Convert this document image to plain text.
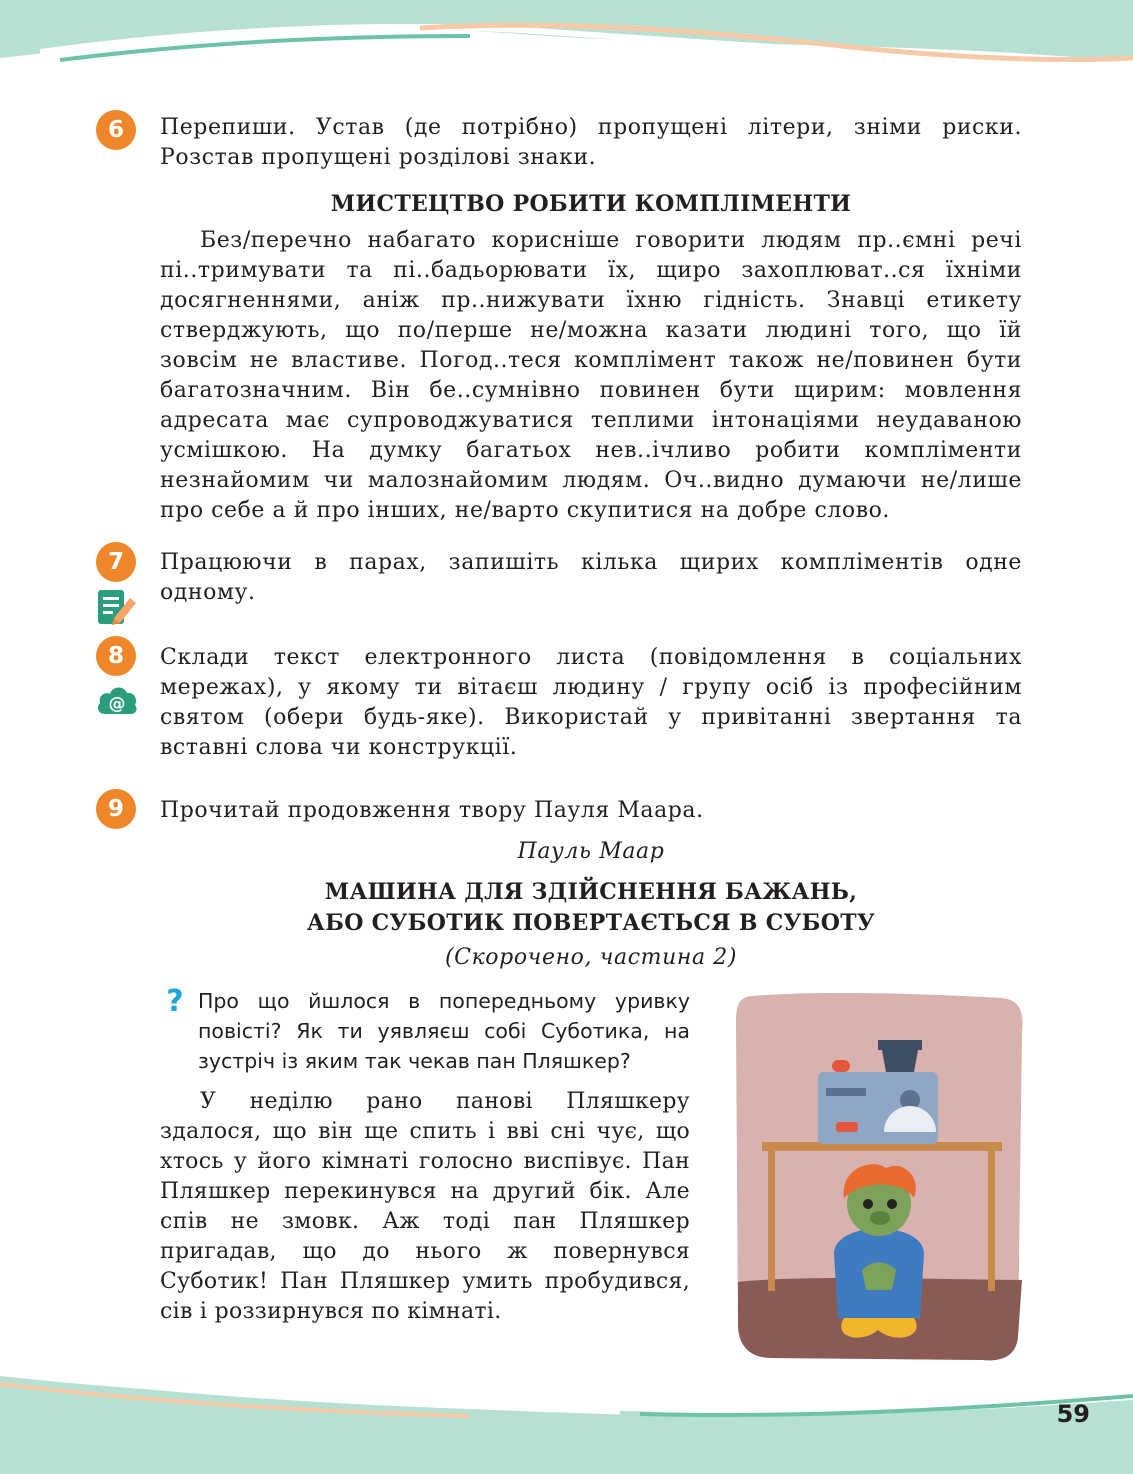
6	Перепиши. Устав (де потрібно) пропущені літери, зніми риски. Розстав пропущені розділові знаки.

МИСТЕЦТВО РОБИТИ КОМПЛІМЕНТИ

Без/перечно набагато корисніше говорити людям пр..ємні речі пі..тримувати та пі..бадьорювати їх, щиро захоплюват..ся їхніми досягненнями, аніж пр..нижувати їхню гідність. Знавці етикету стверджують, що по/перше не/можна казати людині того, що їй зовсім не властиве. Погод..теся комплімент також не/повинен бути багатозначним. Він бе..сумнівно повинен бути щирим: мовлення адресата має супроводжуватися теплими інтонаціями неудаваною усмішкою. На думку багатьох нев..ічливо робити компліменти незнайомим чи малознайомим людям. Оч..видно думаючи не/лише про себе а й про інших, не/варто скупитися на добре слово.

7	Працюючи в парах, запишіть кілька щирих компліментів одне одному.

8
@

Склади текст електронного листа (повідомлення в соціальних мережах), у якому ти вітаєш людину / групу осіб із професійним святом (обери будь-яке). Використай у привітанні звертання та вставні слова чи конструкції.

9	Прочитай продовження твору Пауля Маара.

Пауль Маар

МАШИНА ДЛЯ ЗДІЙСНЕННЯ БАЖАНЬ,

АБО СУБОТИК ПОВЕРТАЄТЬСЯ В СУБОТУ

(Скорочено, частина 2)

? Про що йшлося в попередньому уривку повісті? Як ти уявляєш собі Суботика, на зустріч із яким так чекав пан Пляшкер?

У неділю рано панові Пляшкеру здалося, що він ще спить і вві сні чує, що хтось у його кімнаті голосно виспівує. Пан Пляшкер перекинувся на другий бік. Але спів не змовк. Аж тоді пан Пляшкер пригадав, що до нього ж повернувся Суботик! Пан Пляшкер умить пробудився, сів і роззирнувся по кімнаті.

59
